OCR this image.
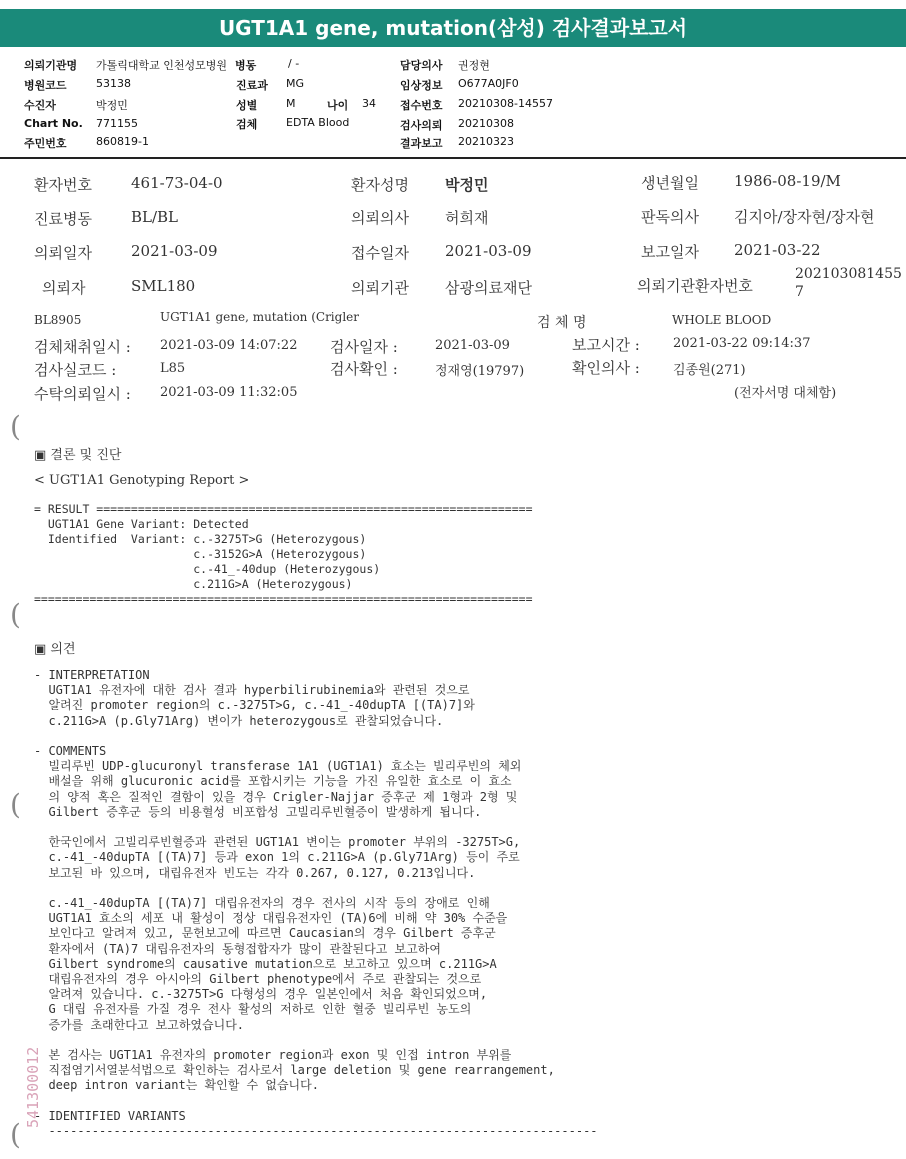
UGT1A1 gene, mutation(삼성) 검사결과보고서
의뢰기관명 가톨릭대학교 인천성모병원 병동	/ -	담당의사 권정현
병원코드	53138	진료과 MG	임상정보 O677A0JF0
수진자	박정민	성별	M	나이 34 접수번호 20210308-14557
Chart No. 771155	검체	EDTA Blood	검사의뢰 20210308
주민번호	860819-1	결과보고 20210323
환자번호	461-73-04-0	환자성명 박정민	생년월일 1986-08-19/M
진료병동	BL/BL	의뢰의사 허희재	판독의사 김지아/장자현/장자현
의뢰일자	2021-03-09	접수일자 2021-03-09	보고일자 2021-03-22
의뢰자	SML180	의뢰기관 삼광의료재단	의뢰기관환자번호
202103081455
7
BL8905	UGT1A1 gene, mutation (Crigler	검 체 명	WHOLE BLOOD
검체채취일시 : 2021-03-09 14:07:22 검사일자 :	2021-03-09	보고시간 :	2021-03-22 09:14:37
검사실코드 :	L85	검사확인 :	정재영(19797)	확인의사 :	김종원(271)
수탁의뢰일시 : 2021-03-09 11:32:05	(전자서명 대체함)
(
(
(
(
▣ 결론 및 진단
< UGT1A1 Genotyping Report >
= RESULT ===============================================================
UGT1A1 Gene Variant: Detected
Identified  Variant: c.-3275T>G (Heterozygous)
c.-3152G>A (Heterozygous)
c.-41_-40dup (Heterozygous)
c.211G>A (Heterozygous)
========================================================================
▣ 의견
- INTERPRETATION
UGT1A1 유전자에 대한 검사 결과 hyperbilirubinemia와 관련된 것으로
알려진 promoter region의 c.-3275T>G, c.-41_-40dupTA [(TA)7]와
c.211G>A (p.Gly71Arg) 변이가 heterozygous로 관찰되었습니다.
- COMMENTS
빌리루빈 UDP-glucuronyl transferase 1A1 (UGT1A1) 효소는 빌리루빈의 체외
배설을 위해 glucuronic acid를 포합시키는 기능을 가진 유일한 효소로 이 효소
의 양적 혹은 질적인 결함이 있을 경우 Crigler-Najjar 증후군 제 1형과 2형 및
Gilbert 증후군 등의 비용혈성 비포합성 고빌리루빈혈증이 발생하게 됩니다.
한국인에서 고빌리루빈혈증과 관련된 UGT1A1 변이는 promoter 부위의 -3275T>G,
c.-41_-40dupTA [(TA)7] 등과 exon 1의 c.211G>A (p.Gly71Arg) 등이 주로
보고된 바 있으며, 대립유전자 빈도는 각각 0.267, 0.127, 0.213입니다.
c.-41_-40dupTA [(TA)7] 대립유전자의 경우 전사의 시작 등의 장애로 인해
UGT1A1 효소의 세포 내 활성이 정상 대립유전자인 (TA)6에 비해 약 30% 수준을
보인다고 알려져 있고, 문헌보고에 따르면 Caucasian의 경우 Gilbert 증후군
환자에서 (TA)7 대립유전자의 동형접합자가 많이 관찰된다고 보고하여
Gilbert syndrome의 causative mutation으로 보고하고 있으며 c.211G>A
대립유전자의 경우 아시아의 Gilbert phenotype에서 주로 관찰되는 것으로
알려져 있습니다. c.-3275T>G 다형성의 경우 일본인에서 처음 확인되었으며,
G 대립 유전자를 가질 경우 전사 활성의 저하로 인한 혈중 빌리루빈 농도의
증가를 초래한다고 보고하였습니다.
본 검사는 UGT1A1 유전자의 promoter region과 exon 및 인접 intron 부위를
직접염기서열분석법으로 확인하는 검사로서 large deletion 및 gene rearrangement,
deep intron variant는 확인할 수 없습니다.
- IDENTIFIED VARIANTS
----------------------------------------------------------------------------
541300012
